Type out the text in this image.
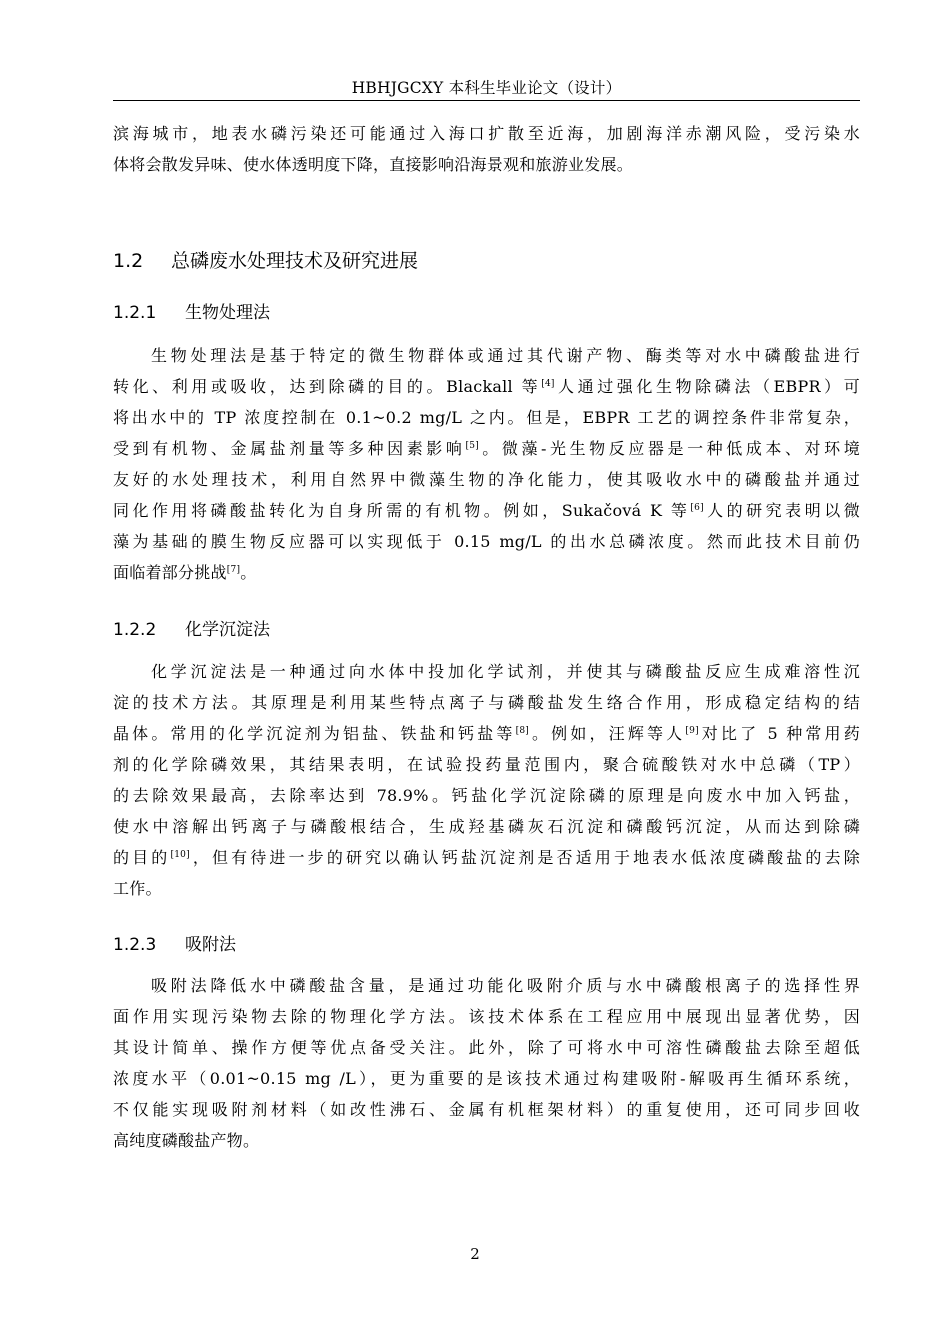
HBHJGCXY 本科生毕业论文（设计）
滨海城市，地表水磷污染还可能通过入海口扩散至近海，加剧海洋赤潮风险，受污染水
体将会散发异味、使水体透明度下降，直接影响沿海景观和旅游业发展。
1.2 总磷废水处理技术及研究进展
1.2.1 生物处理法
生物处理法是基于特定的微生物群体或通过其代谢产物、酶类等对水中磷酸盐进行
转化、利用或吸收，达到除磷的目的。Blackall 等[4]人通过强化生物除磷法（EBPR）可
将出水中的 TP 浓度控制在 0.1~0.2 mg/L 之内。但是，EBPR 工艺的调控条件非常复杂，
受到有机物、金属盐剂量等多种因素影响[5]。微藻-光生物反应器是一种低成本、对环境
友好的水处理技术，利用自然界中微藻生物的净化能力，使其吸收水中的磷酸盐并通过
同化作用将磷酸盐转化为自身所需的有机物。例如，Sukačová K 等[6]人的研究表明以微
藻为基础的膜生物反应器可以实现低于 0.15 mg/L 的出水总磷浓度。然而此技术目前仍
面临着部分挑战[7]。
1.2.2 化学沉淀法
化学沉淀法是一种通过向水体中投加化学试剂，并使其与磷酸盐反应生成难溶性沉
淀的技术方法。其原理是利用某些特点离子与磷酸盐发生络合作用，形成稳定结构的结
晶体。常用的化学沉淀剂为铝盐、铁盐和钙盐等[8]。例如，汪辉等人[9]对比了 5 种常用药
剂的化学除磷效果，其结果表明，在试验投药量范围内，聚合硫酸铁对水中总磷（TP）
的去除效果最高，去除率达到 78.9%。钙盐化学沉淀除磷的原理是向废水中加入钙盐，
使水中溶解出钙离子与磷酸根结合，生成羟基磷灰石沉淀和磷酸钙沉淀，从而达到除磷
的目的[10]，但有待进一步的研究以确认钙盐沉淀剂是否适用于地表水低浓度磷酸盐的去除
工作。
1.2.3 吸附法
吸附法降低水中磷酸盐含量，是通过功能化吸附介质与水中磷酸根离子的选择性界
面作用实现污染物去除的物理化学方法。该技术体系在工程应用中展现出显著优势，因
其设计简单、操作方便等优点备受关注。此外，除了可将水中可溶性磷酸盐去除至超低
浓度水平（0.01~0.15 mg /L），更为重要的是该技术通过构建吸附-解吸再生循环系统，
不仅能实现吸附剂材料（如改性沸石、金属有机框架材料）的重复使用，还可同步回收
高纯度磷酸盐产物。
2
